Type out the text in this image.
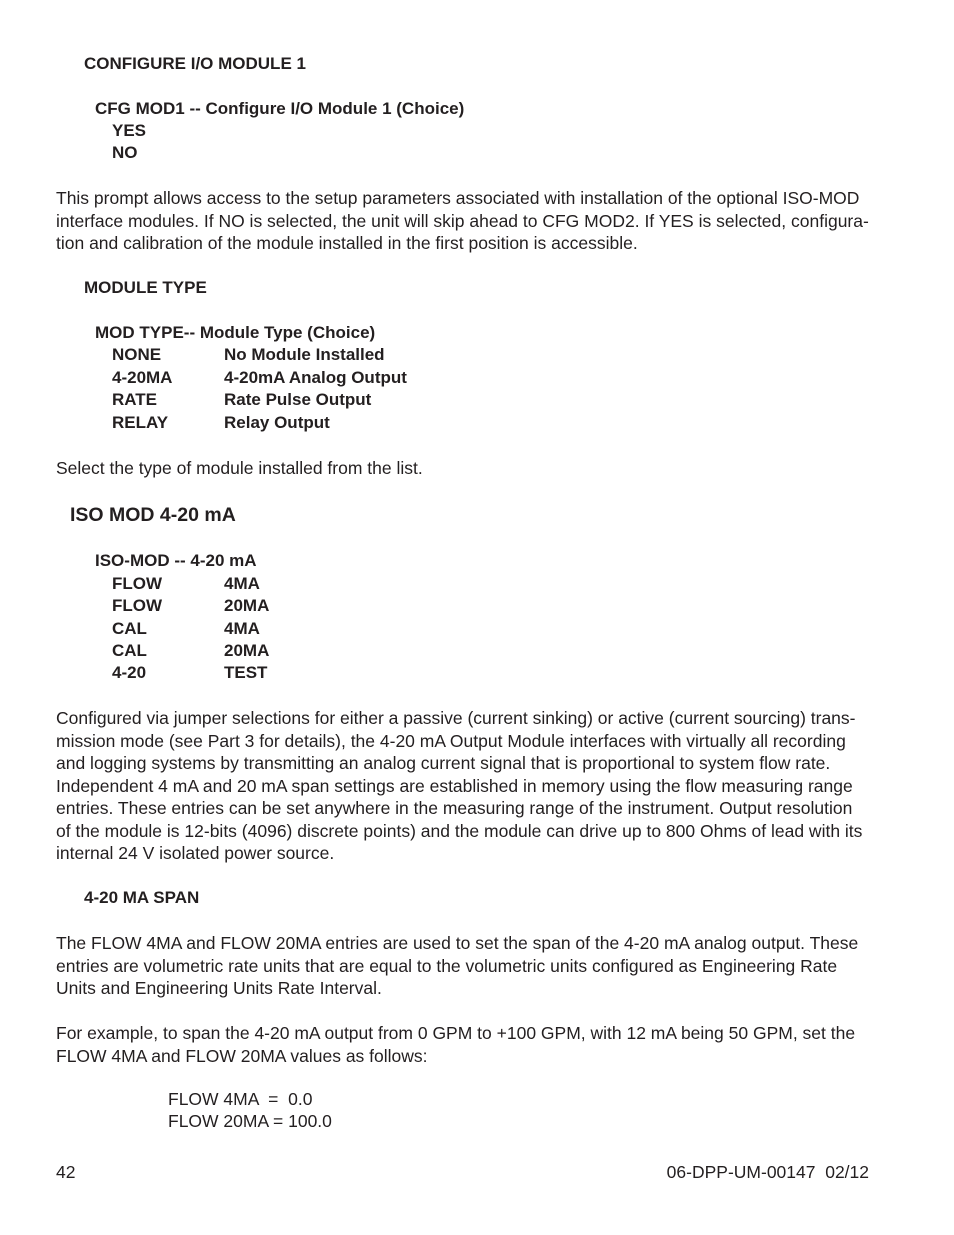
CONFIGURE I/O MODULE 1
CFG MOD1 -- Configure I/O Module 1 (Choice)
YES
NO
This prompt allows access to the setup parameters associated with installation of the optional ISO-MOD
interface modules. If NO is selected, the unit will skip ahead to CFG MOD2. If YES is selected, configura-
tion and calibration of the module installed in the first position is accessible.
MODULE TYPE
MOD TYPE-- Module Type (Choice)
NONE	No Module Installed
4-20MA	4-20mA Analog Output
RATE	Rate Pulse Output
RELAY	Relay Output
Select the type of module installed from the list.
ISO MOD 4-20 mA
ISO-MOD -- 4-20 mA
FLOW	4MA
FLOW	20MA
CAL	4MA
CAL	20MA
4-20	TEST
Configured via jumper selections for either a passive (current sinking) or active (current sourcing) trans-
mission mode (see Part 3 for details), the 4-20 mA Output Module interfaces with virtually all recording
and logging systems by transmitting an analog current signal that is proportional to system flow rate.
Independent 4 mA and 20 mA span settings are established in memory using the flow measuring range
entries. These entries can be set anywhere in the measuring range of the instrument. Output resolution
of the module is 12-bits (4096) discrete points) and the module can drive up to 800 Ohms of lead with its
internal 24 V isolated power source.
4-20 MA SPAN
The FLOW 4MA and FLOW 20MA entries are used to set the span of the 4-20 mA analog output. These
entries are volumetric rate units that are equal to the volumetric units configured as Engineering Rate
Units and Engineering Units Rate Interval.
For example, to span the 4-20 mA output from 0 GPM to +100 GPM, with 12 mA being 50 GPM, set the
FLOW 4MA and FLOW 20MA values as follows:
FLOW 4MA  =  0.0
FLOW 20MA = 100.0
42	06-DPP-UM-00147  02/12
